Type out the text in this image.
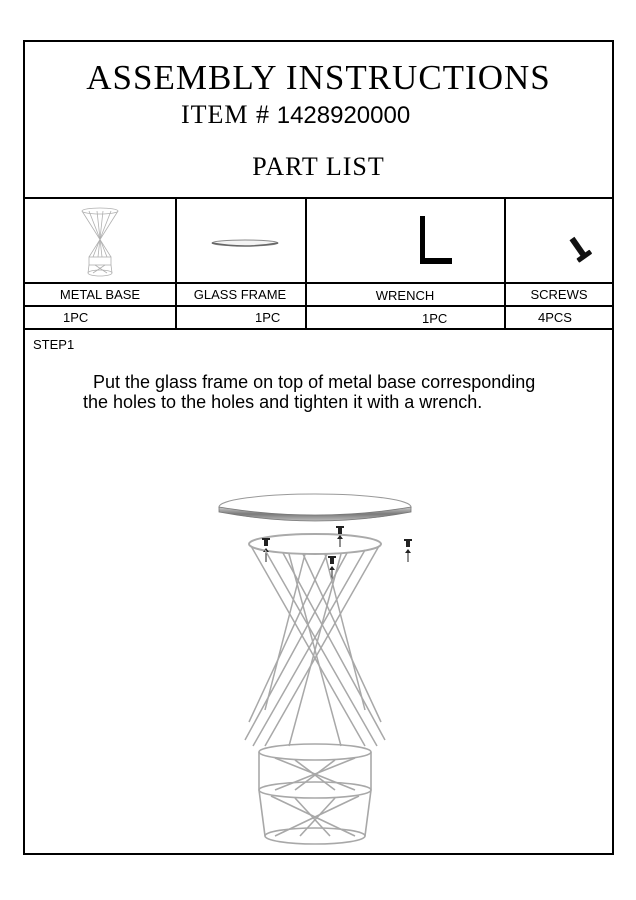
ASSEMBLY INSTRUCTIONS
ITEM # 1428920000
PART LIST
METAL BASE	GLASS FRAME	WRENCH	SCREWS
1PC	1PC	1PC	4PCS
STEP1
Put the glass frame on top of metal base corresponding
the holes to the holes and tighten it with a wrench.
